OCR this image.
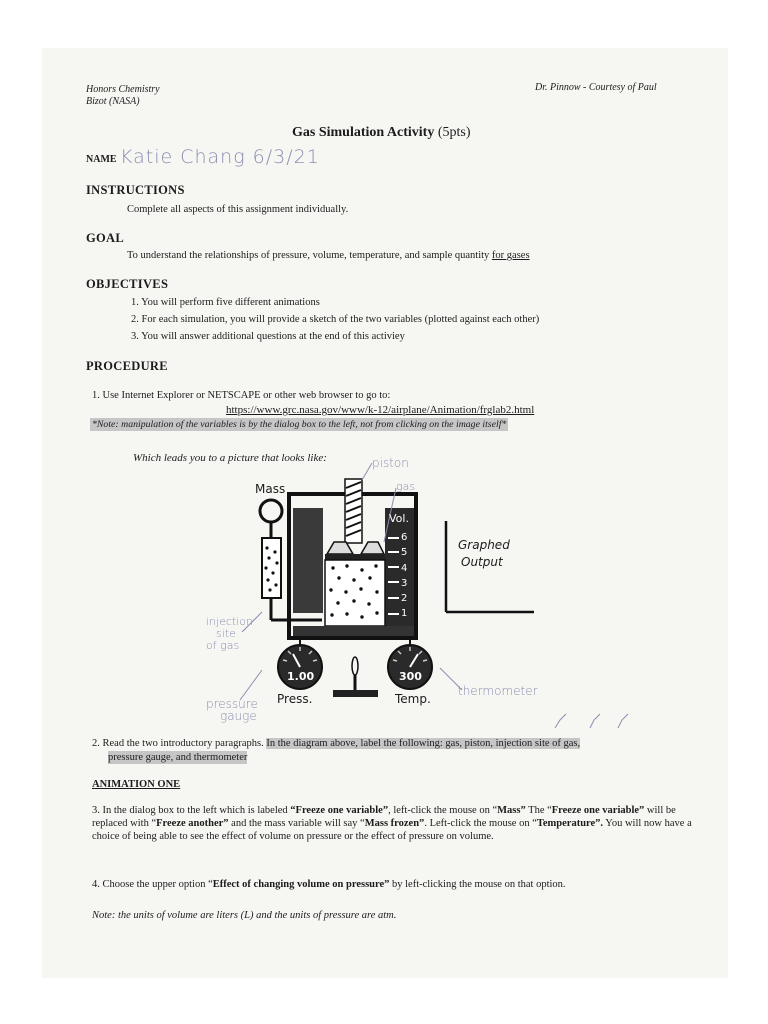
Honors Chemistry
Bizot (NASA)
Dr. Pinnow - Courtesy of Paul
Gas Simulation Activity (5pts)
NAME Katie Chang 6/3/21
INSTRUCTIONS
Complete all aspects of this assignment individually.
GOAL
To understand the relationships of pressure, volume, temperature, and sample quantity for gases
OBJECTIVES
1. You will perform five different animations
2. For each simulation, you will provide a sketch of the two variables (plotted against each other)
3. You will answer additional questions at the end of this activiey
PROCEDURE
1. Use Internet Explorer or NETSCAPE or other web browser to go to:
https://www.grc.nasa.gov/www/k-12/airplane/Animation/frglab2.html
*Note: manipulation of the variables is by the dialog box to the left, not from clicking on the image itself*
Which leads you to a picture that looks like:
Mass
Vol.
6
5
4
3
2
1
Graphed
Output
1.00
Press.
300
Temp.
piston
gas
injection
site
of gas
pressure
gauge
thermometer
2. Read the two introductory paragraphs. In the diagram above, label the following: gas, piston, injection site of gas,
pressure gauge, and thermometer
ANIMATION ONE
3. In the dialog box to the left which is labeled “Freeze one variable”, left-click the mouse on “Mass” The “Freeze one variable” will be replaced with “Freeze another” and the mass variable will say “Mass frozen”. Left-click the mouse on “Temperature”. You will now have a choice of being able to see the effect of volume on pressure or the effect of pressure on volume.
4. Choose the upper option “Effect of changing volume on pressure” by left-clicking the mouse on that option.
Note: the units of volume are liters (L) and the units of pressure are atm.
